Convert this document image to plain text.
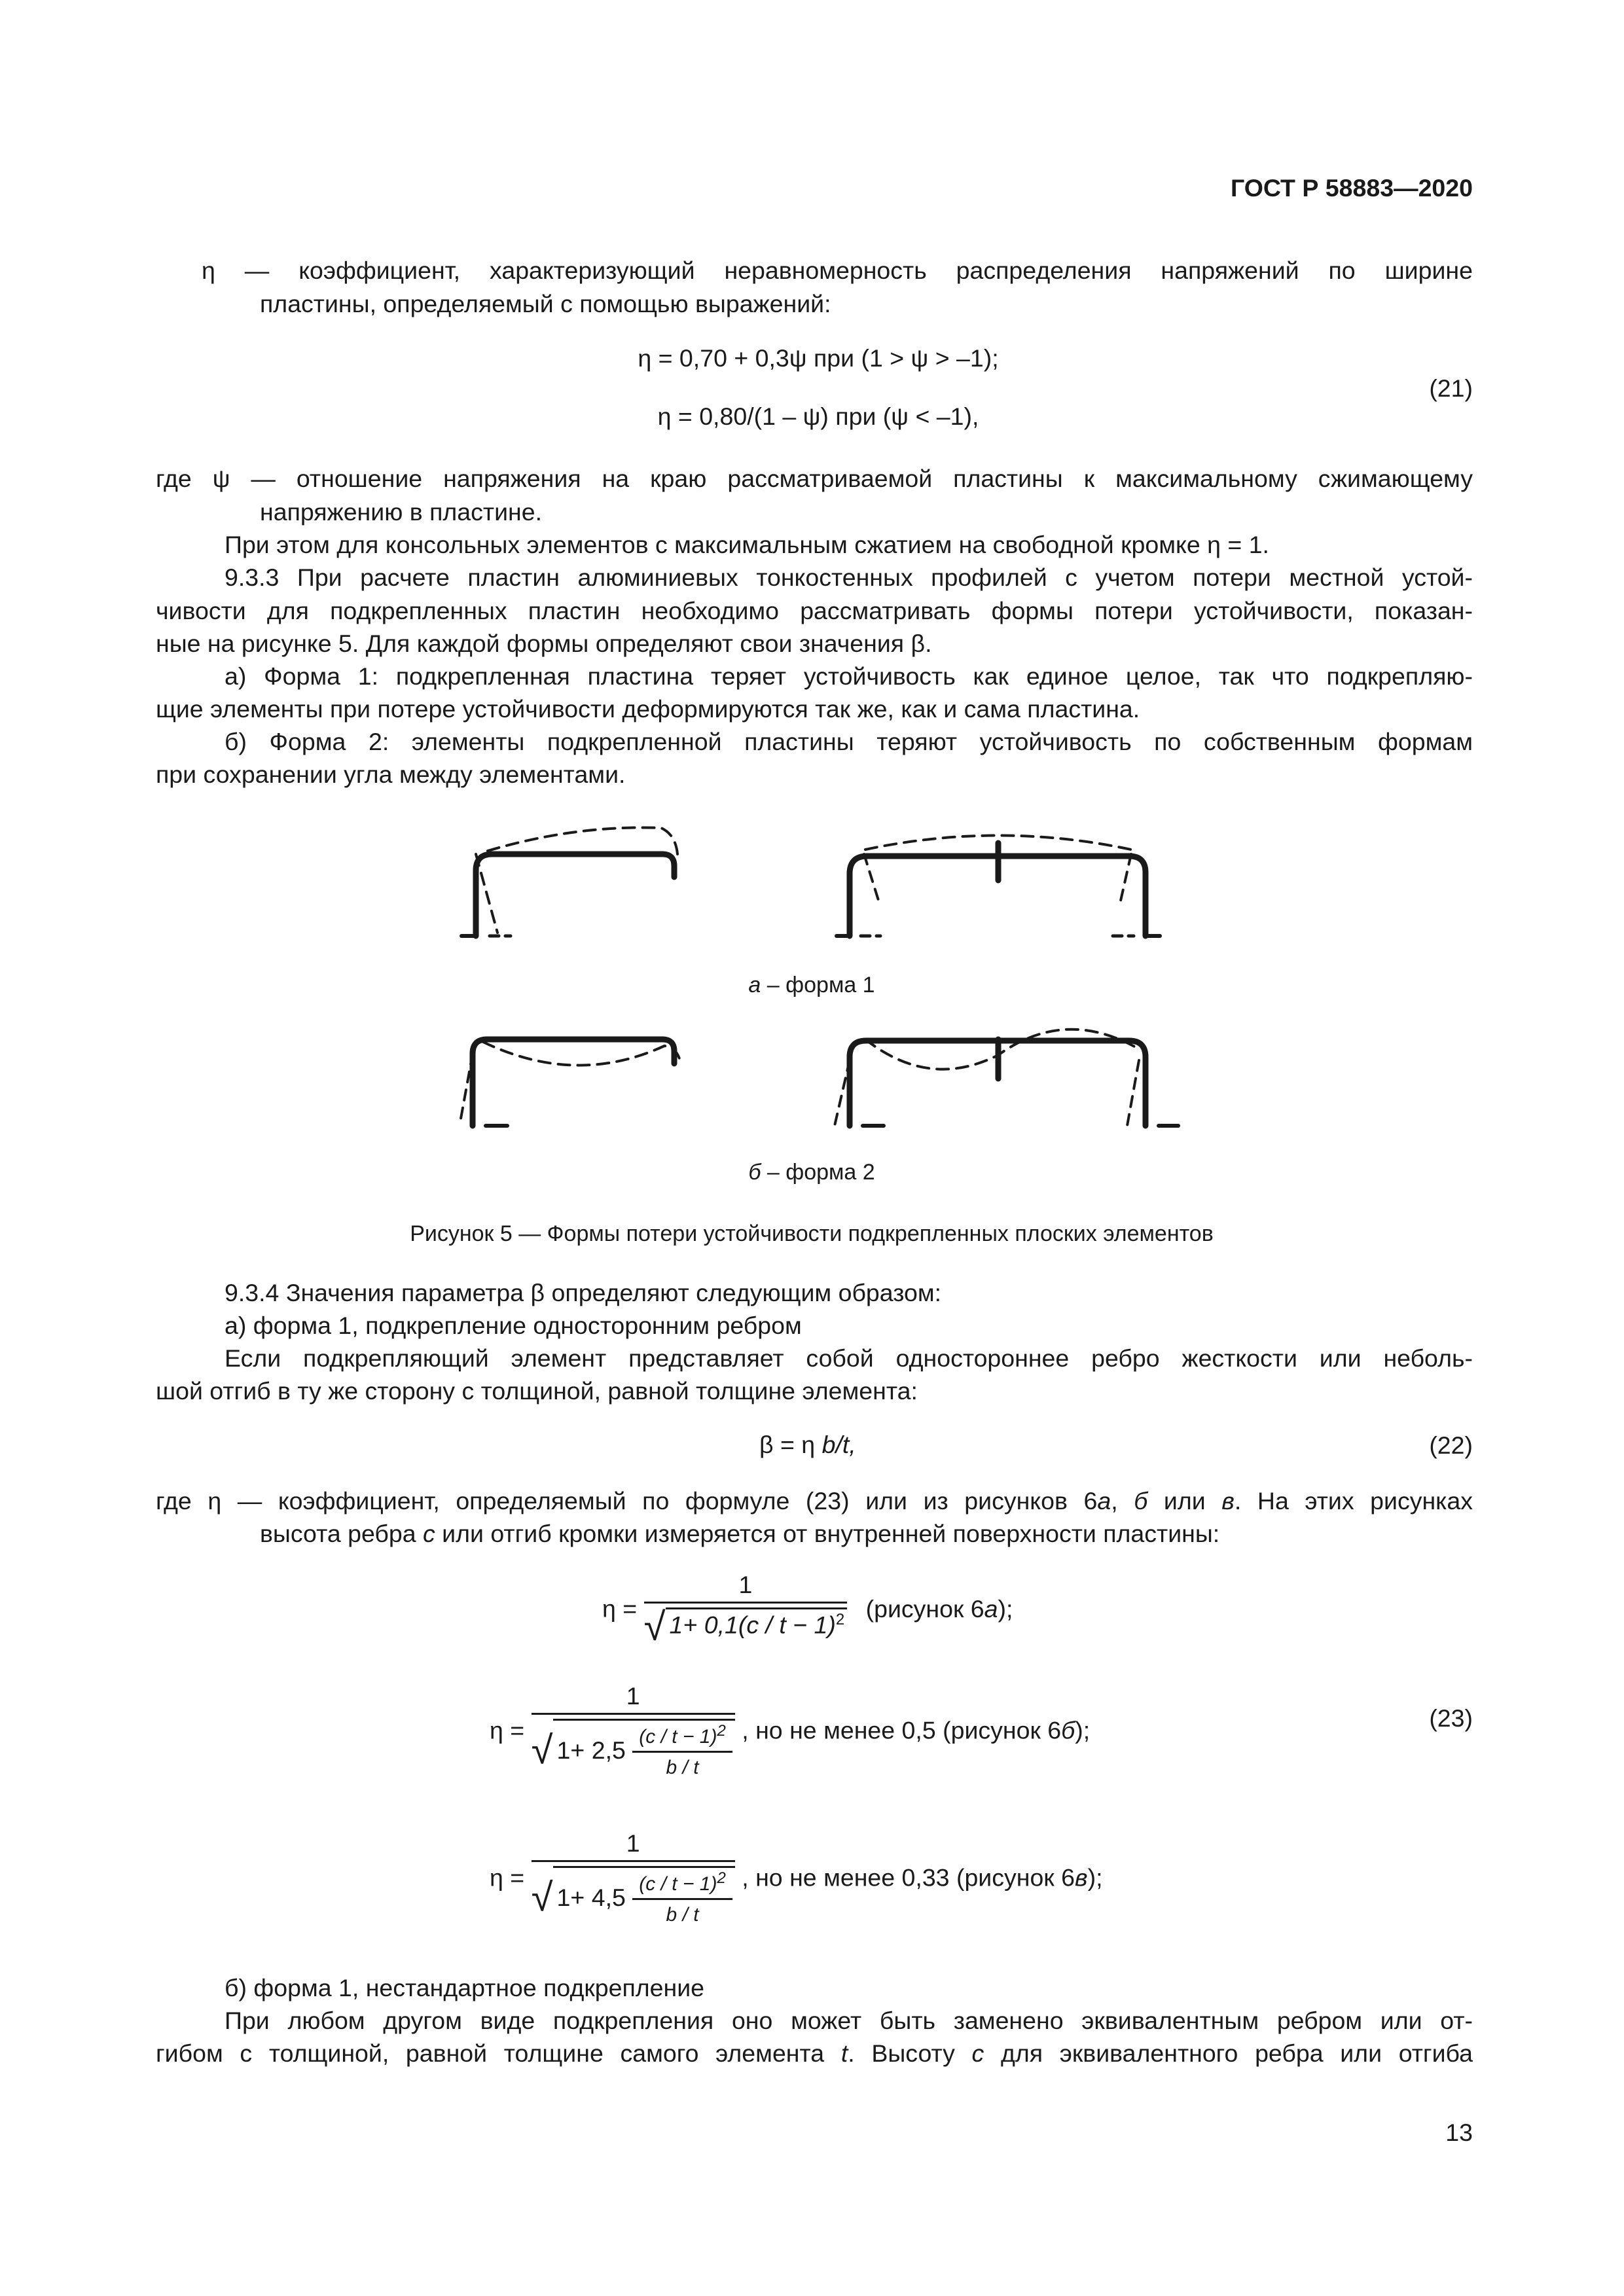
ГОСТ Р 58883—2020
η — коэффициент, характеризующий неравномерность распределения напряжений по ширине
пластины, определяемый с помощью выражений:
η = 0,70 + 0,3ψ при (1 > ψ > –1);
η = 0,80/(1 – ψ) при (ψ < –1),
(21)
где ψ — отношение напряжения на краю рассматриваемой пластины к максимальному сжимающему
напряжению в пластине.
При этом для консольных элементов с максимальным сжатием на свободной кромке η = 1.
9.3.3 При расчете пластин алюминиевых тонкостенных профилей с учетом потери местной устой-
чивости для подкрепленных пластин необходимо рассматривать формы потери устойчивости, показан-
ные на рисунке 5. Для каждой формы определяют свои значения β.
а) Форма 1: подкрепленная пластина теряет устойчивость как единое целое, так что подкрепляю-
щие элементы при потере устойчивости деформируются так же, как и сама пластина.
б) Форма 2: элементы подкрепленной пластины теряют устойчивость по собственным формам
при сохранении угла между элементами.
а – форма 1
б – форма 2
Рисунок 5 — Формы потери устойчивости подкрепленных плоских элементов
9.3.4 Значения параметра β определяют следующим образом:
а) форма 1, подкрепление односторонним ребром
Если подкрепляющий элемент представляет собой одностороннее ребро жесткости или неболь-
шой отгиб в ту же сторону с толщиной, равной толщине элемента:
β = η b/t,	(22)
где η — коэффициент, определяемый по формуле (23) или из рисунков 6а, б или в. На этих рисунках
высота ребра с или отгиб кромки измеряется от внутренней поверхности пластины:
$\eta = \frac{1}{√ 1+ 0,1(c / t - 1)^2}$ (рисунок 6а);
$\eta = \frac{1}{√ 1+ 2,5 \frac{(c / t - 1)^2}{b / t}}$ , но не менее 0,5 (рисунок 6б);	(23)
$\eta = \frac{1}{√ 1+ 4,5 \frac{(c / t - 1)^2}{b / t}}$ , но не менее 0,33 (рисунок 6в);
б) форма 1, нестандартное подкрепление
При любом другом виде подкрепления оно может быть заменено эквивалентным ребром или от-
гибом с толщиной, равной толщине самого элемента t. Высоту с для эквивалентного ребра или отгиба
13
